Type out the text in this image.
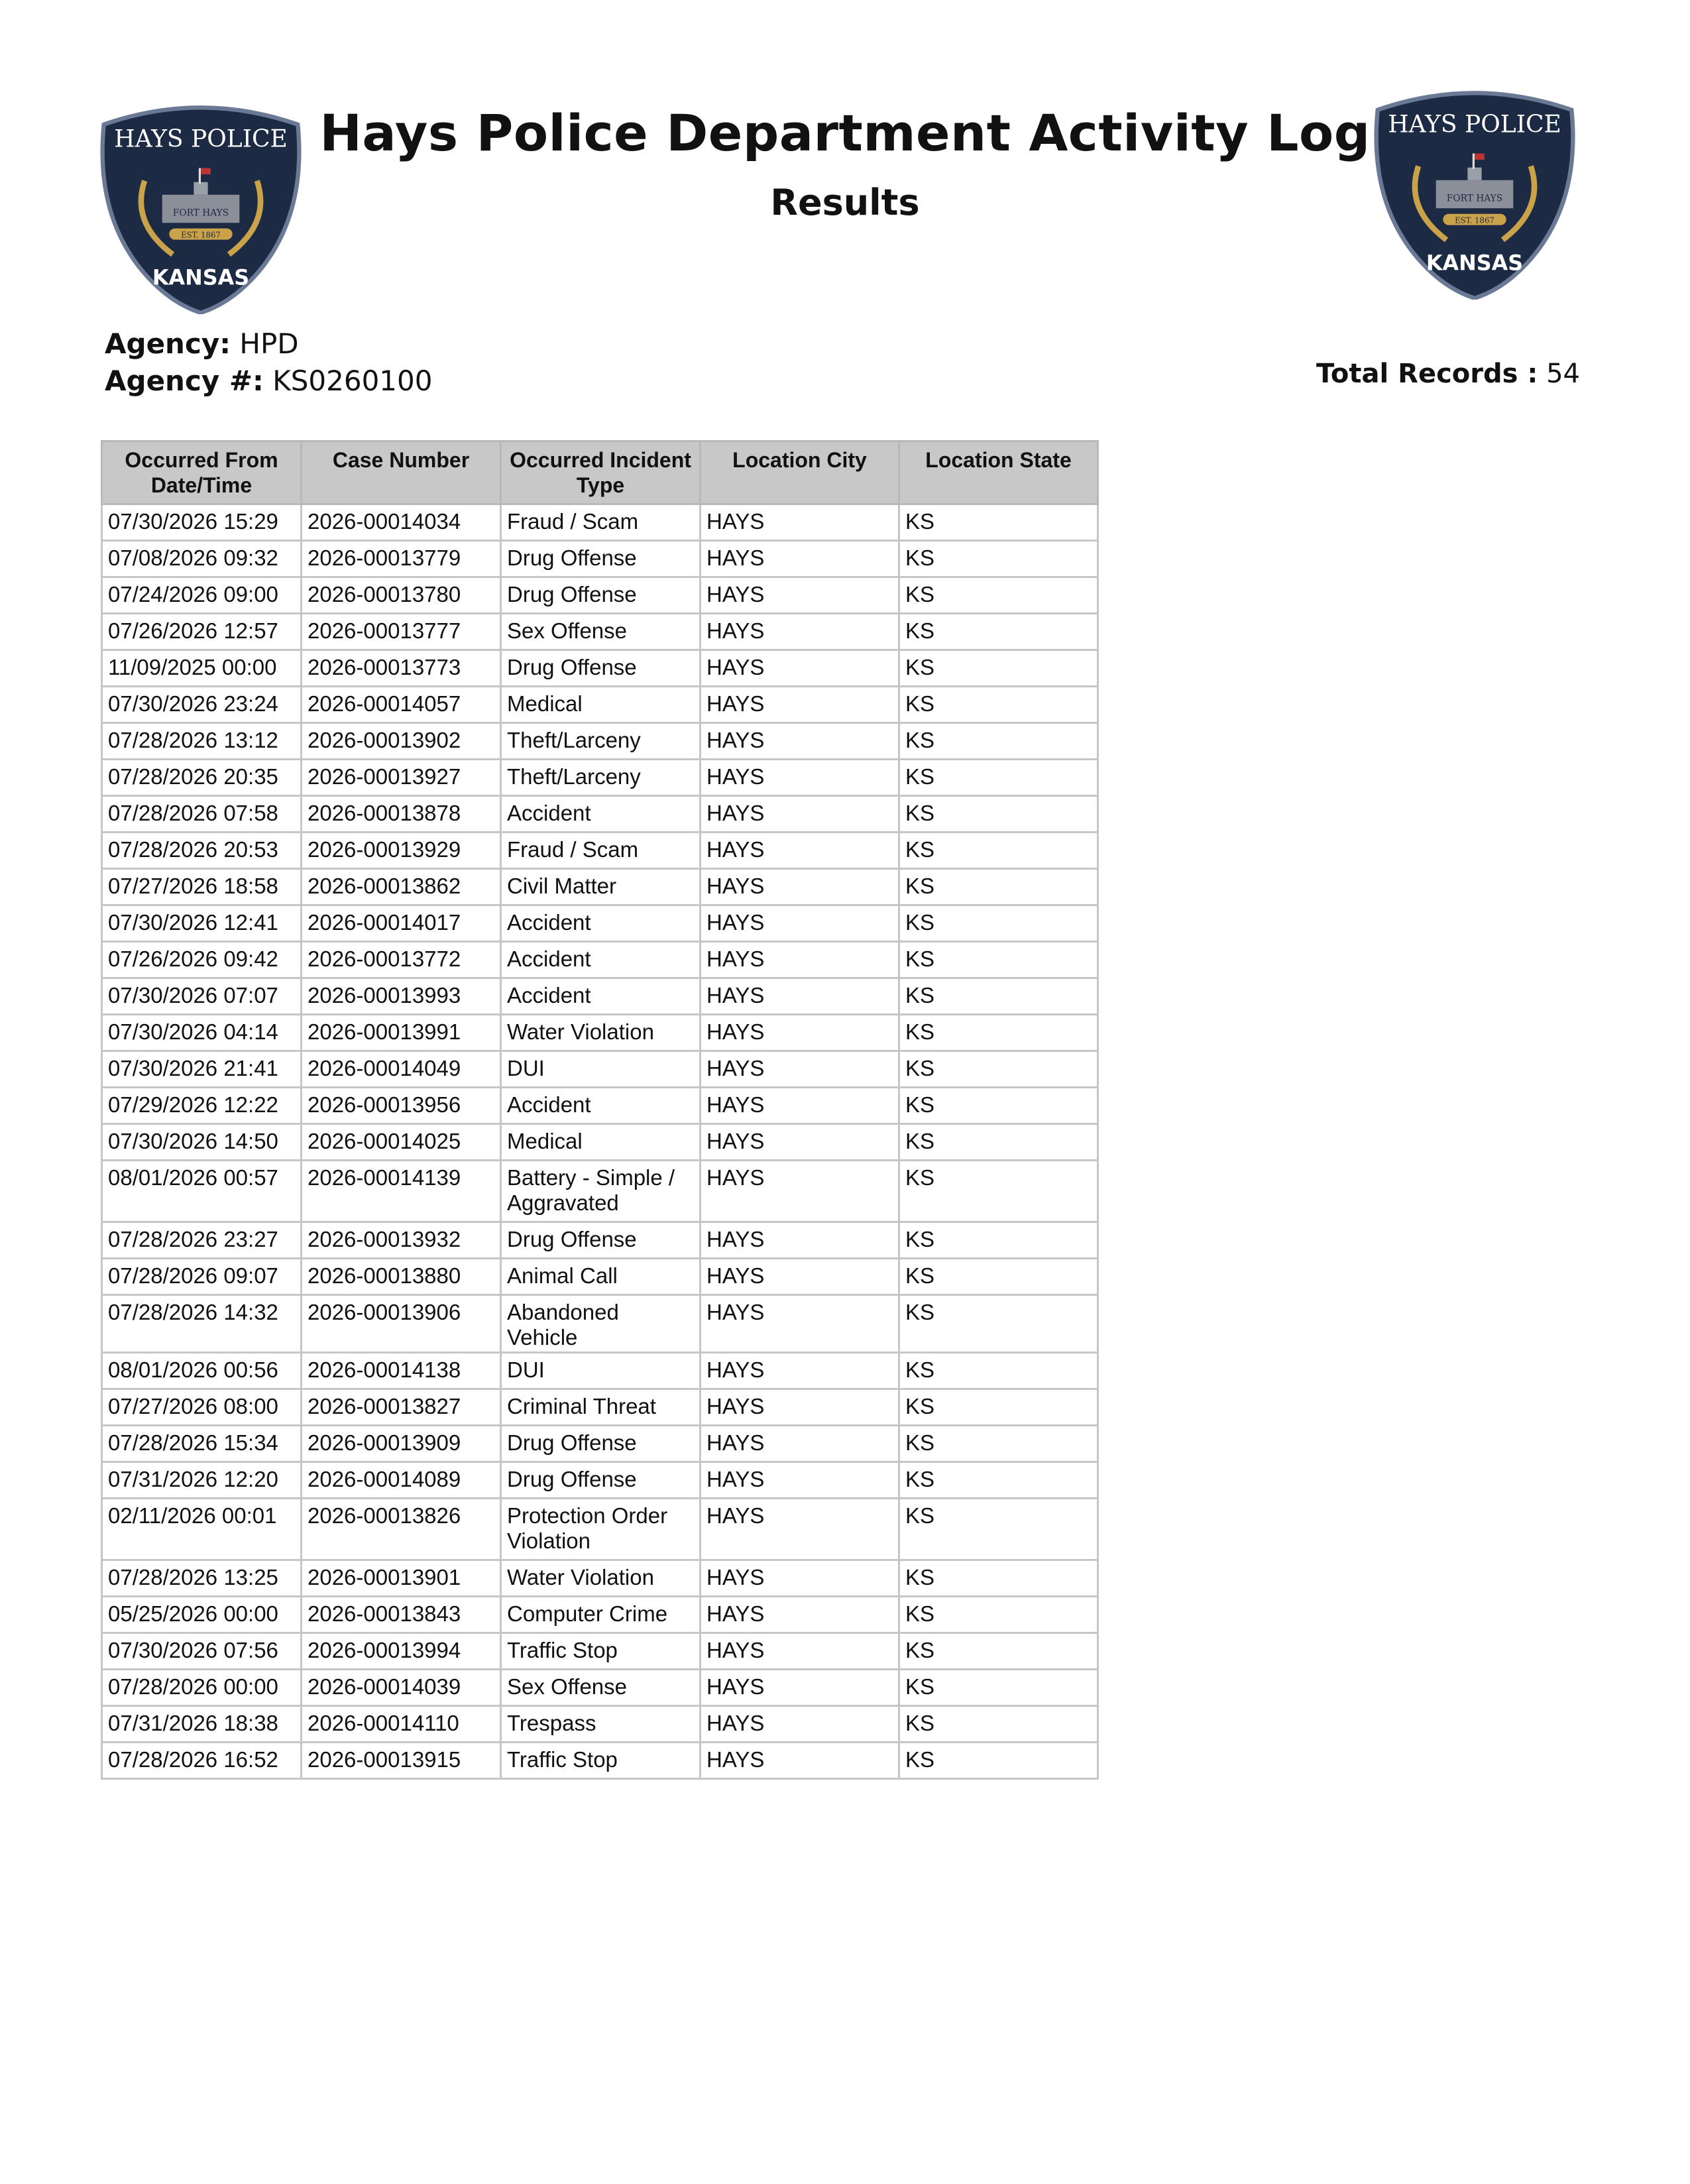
HAYS POLICE
FORT HAYS
EST. 1867
KANSAS
HAYS POLICE
FORT HAYS
EST. 1867
KANSAS
Hays Police Department Activity Log
Results
Agency: HPD
Agency #: KS0260100	Total Records : 54
Occurred From Date/Time	Case Number	Occurred Incident Type	Location City	Location State
07/30/2026 15:29	2026-00014034	Fraud / Scam	HAYS	KS
07/08/2026 09:32	2026-00013779	Drug Offense	HAYS	KS
07/24/2026 09:00	2026-00013780	Drug Offense	HAYS	KS
07/26/2026 12:57	2026-00013777	Sex Offense	HAYS	KS
11/09/2025 00:00	2026-00013773	Drug Offense	HAYS	KS
07/30/2026 23:24	2026-00014057	Medical	HAYS	KS
07/28/2026 13:12	2026-00013902	Theft/Larceny	HAYS	KS
07/28/2026 20:35	2026-00013927	Theft/Larceny	HAYS	KS
07/28/2026 07:58	2026-00013878	Accident	HAYS	KS
07/28/2026 20:53	2026-00013929	Fraud / Scam	HAYS	KS
07/27/2026 18:58	2026-00013862	Civil Matter	HAYS	KS
07/30/2026 12:41	2026-00014017	Accident	HAYS	KS
07/26/2026 09:42	2026-00013772	Accident	HAYS	KS
07/30/2026 07:07	2026-00013993	Accident	HAYS	KS
07/30/2026 04:14	2026-00013991	Water Violation	HAYS	KS
07/30/2026 21:41	2026-00014049	DUI	HAYS	KS
07/29/2026 12:22	2026-00013956	Accident	HAYS	KS
07/30/2026 14:50	2026-00014025	Medical	HAYS	KS
08/01/2026 00:57	2026-00014139	Battery - Simple / Aggravated	HAYS	KS
07/28/2026 23:27	2026-00013932	Drug Offense	HAYS	KS
07/28/2026 09:07	2026-00013880	Animal Call	HAYS	KS
07/28/2026 14:32	2026-00013906	Abandoned Vehicle	HAYS	KS
08/01/2026 00:56	2026-00014138	DUI	HAYS	KS
07/27/2026 08:00	2026-00013827	Criminal Threat	HAYS	KS
07/28/2026 15:34	2026-00013909	Drug Offense	HAYS	KS
07/31/2026 12:20	2026-00014089	Drug Offense	HAYS	KS
02/11/2026 00:01	2026-00013826	Protection Order Violation	HAYS	KS
07/28/2026 13:25	2026-00013901	Water Violation	HAYS	KS
05/25/2026 00:00	2026-00013843	Computer Crime	HAYS	KS
07/30/2026 07:56	2026-00013994	Traffic Stop	HAYS	KS
07/28/2026 00:00	2026-00014039	Sex Offense	HAYS	KS
07/31/2026 18:38	2026-00014110	Trespass	HAYS	KS
07/28/2026 16:52	2026-00013915	Traffic Stop	HAYS	KS
